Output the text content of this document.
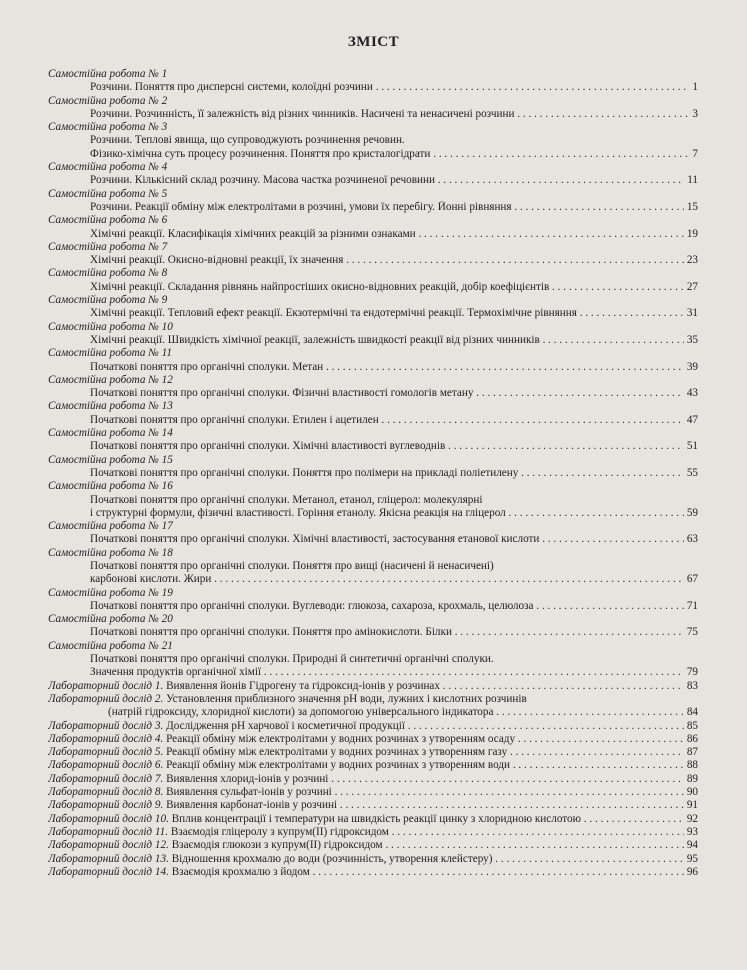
ЗМІСТ
Самостійна робота № 1
Розчини. Поняття про дисперсні системи, колоїдні розчини . . .	1
Самостійна робота № 2
Розчини. Розчинність, її залежність від різних чинників. Насичені та ненасичені розчини . . .	3
Самостійна робота № 3
Розчини. Теплові явища, що супроводжують розчинення речовин.
Фізико-хімічна суть процесу розчинення. Поняття про кристалогідрати . . .	7
Самостійна робота № 4
Розчини. Кількісний склад розчину. Масова частка розчиненої речовини . . .	11
Самостійна робота № 5
Розчини. Реакції обміну між електролітами в розчині, умови їх перебігу. Йонні рівняння . . .	15
Самостійна робота № 6
Хімічні реакції. Класифікація хімічних реакцій за різними ознаками . . .	19
Самостійна робота № 7
Хімічні реакції. Окисно-відновні реакції, їх значення . . .	23
Самостійна робота № 8
Хімічні реакції. Складання рівнянь найпростіших окисно-відновних реакцій, добір коефіцієнтів . . .	27
Самостійна робота № 9
Хімічні реакції. Тепловий ефект реакції. Екзотермічні та ендотермічні реакції. Термохімічне рівняння . . .	31
Самостійна робота № 10
Хімічні реакції. Швидкість хімічної реакції, залежність швидкості реакції від різних чинників . . .	35
Самостійна робота № 11
Початкові поняття про органічні сполуки. Метан . . .	39
Самостійна робота № 12
Початкові поняття про органічні сполуки. Фізичні властивості гомологів метану . . .	43
Самостійна робота № 13
Початкові поняття про органічні сполуки. Етилен і ацетилен . . .	47
Самостійна робота № 14
Початкові поняття про органічні сполуки. Хімічні властивості вуглеводнів . . .	51
Самостійна робота № 15
Початкові поняття про органічні сполуки. Поняття про полімери на прикладі поліетилену . . .	55
Самостійна робота № 16
Початкові поняття про органічні сполуки. Метанол, етанол, гліцерол: молекулярні
і структурні формули, фізичні властивості. Горіння етанолу. Якісна реакція на гліцерол . . .	59
Самостійна робота № 17
Початкові поняття про органічні сполуки. Хімічні властивості, застосування етанової кислоти . . .	63
Самостійна робота № 18
Початкові поняття про органічні сполуки. Поняття про вищі (насичені й ненасичені)
карбонові кислоти. Жири . . .	67
Самостійна робота № 19
Початкові поняття про органічні сполуки. Вуглеводи: глюкоза, сахароза, крохмаль, целюлоза . . .	71
Самостійна робота № 20
Початкові поняття про органічні сполуки. Поняття про амінокислоти. Білки . . .	75
Самостійна робота № 21
Початкові поняття про органічні сполуки. Природні й синтетичні органічні сполуки.
Значення продуктів органічної хімії . . .	79
Лабораторний дослід 1. Виявлення йонів Гідрогену та гідроксид-іонів у розчинах . . .	83
Лабораторний дослід 2. Установлення приблизного значення pH води, лужних і кислотних розчинів
(натрій гідроксиду, хлоридної кислоти) за допомогою універсального індикатора . . .	84
Лабораторний дослід 3. Дослідження pH харчової і косметичної продукції . . .	85
Лабораторний дослід 4. Реакції обміну між електролітами у водних розчинах з утворенням осаду . . .	86
Лабораторний дослід 5. Реакції обміну між електролітами у водних розчинах з утворенням газу . . .	87
Лабораторний дослід 6. Реакції обміну між електролітами у водних розчинах з утворенням води . . .	88
Лабораторний дослід 7. Виявлення хлорид-іонів у розчині . . .	89
Лабораторний дослід 8. Виявлення сульфат-іонів у розчині . . .	90
Лабораторний дослід 9. Виявлення карбонат-іонів у розчині . . .	91
Лабораторний дослід 10. Вплив концентрації і температури на швидкість реакції цинку з хлоридною кислотою . . .	92
Лабораторний дослід 11. Взаємодія гліцеролу з купрум(ІІ) гідроксидом . . .	93
Лабораторний дослід 12. Взаємодія глюкози з купрум(ІІ) гідроксидом . . .	94
Лабораторний дослід 13. Відношення крохмалю до води (розчинність, утворення клейстеру) . . .	95
Лабораторний дослід 14. Взаємодія крохмалю з йодом . . .	96
